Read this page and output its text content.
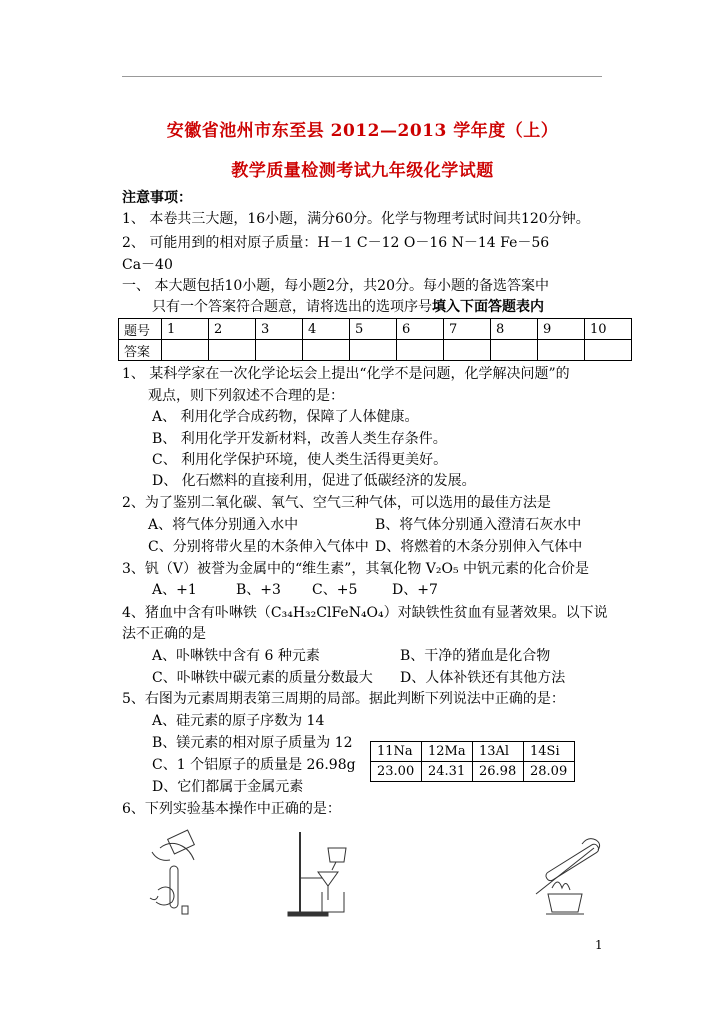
安徽省池州市东至县 2012—2013 学年度（上）
教学质量检测考试九年级化学试题
注意事项：
1、 本卷共三大题，16小题，满分60分。化学与物理考试时间共120分钟。
2、 可能用到的相对原子质量：H－1 C－12 O－16 N－14 Fe－56
Ca－40
一、 本大题包括10小题，每小题2分，共20分。每小题的备选答案中
只有一个答案符合题意，请将选出的选项序号填入下面答题表内
题号	1	2	3	4	5	6	7	8	9	10
答案										
1、 某科学家在一次化学论坛会上提出“化学不是问题，化学解决问题”的
观点，则下列叙述不合理的是：
A、 利用化学合成药物，保障了人体健康。
B、 利用化学开发新材料，改善人类生存条件。
C、 利用化学保护环境，使人类生活得更美好。
D、 化石燃料的直接利用，促进了低碳经济的发展。
2、为了鉴别二氧化碳、氧气、空气三种气体，可以选用的最佳方法是
A、将气体分别通入水中	B、将气体分别通入澄清石灰水中
C、分别将带火星的木条伸入气体中 D、将燃着的木条分别伸入气体中
3、钒（V）被誉为金属中的“维生素”，其氧化物 V₂O₅ 中钒元素的化合价是
A、+1	B、+3 C、+5 D、+7
4、猪血中含有卟啉铁（C₃₄H₃₂ClFeN₄O₄）对缺铁性贫血有显著效果。以下说
法不正确的是
A、卟啉铁中含有 6 种元素	B、干净的猪血是化合物
C、卟啉铁中碳元素的质量分数最大 D、人体补铁还有其他方法
5、右图为元素周期表第三周期的局部。据此判断下列说法中正确的是：
A、硅元素的原子序数为 14
B、镁元素的相对原子质量为 12
C、1 个铝原子的质量是 26.98g
D、它们都属于金属元素
11Na	12Ma	13Al	14Si
23.00	24.31	26.98	28.09
6、下列实验基本操作中正确的是：
1
